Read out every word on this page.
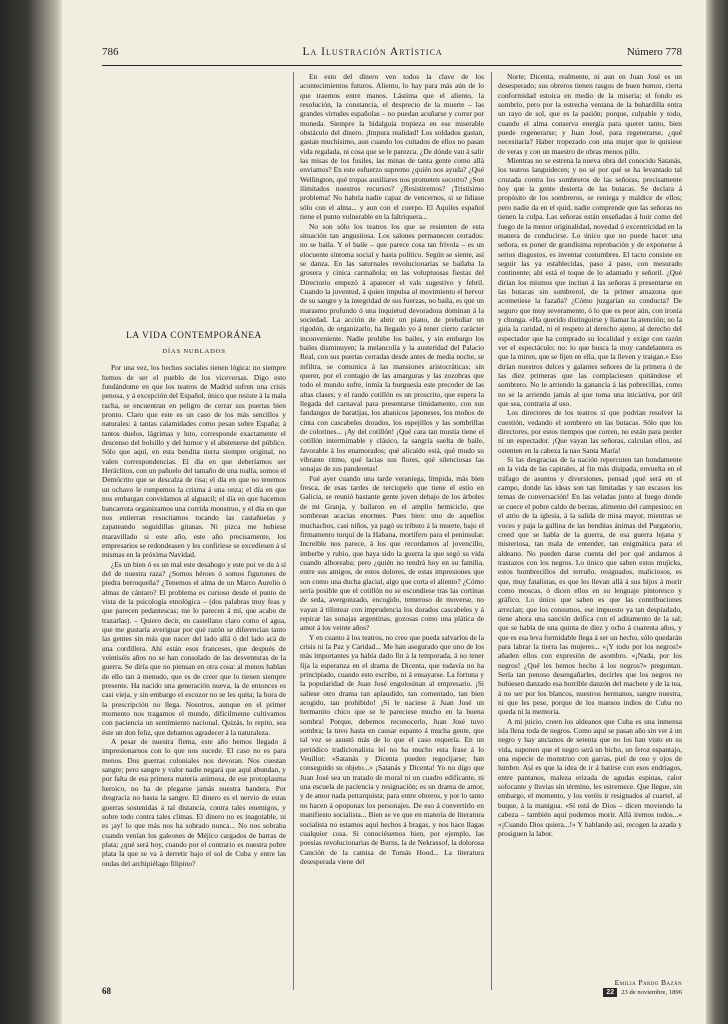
786	La Ilustración Artística	Número 778
LA VIDA CONTEMPORÁNEA
DÍAS NUBLADOS

Por una vez, los hechos sociales tienen lógica: no siempre hemos de ser el pueblo de los viceversas. Digo esto fundándome en que los teatros de Madrid sufren una crisis penosa, y á excepción del Español, único que resiste á la mala racha, se encuentran en peligro de cerrar sus puertas bien pronto. Claro que este es un caso de los más sencillos y naturales: á tantas calamidades como pesan sobre España; á tantos duelos, lágrimas y luto, corresponde exactamente el descenso del bolsillo y del humor y el abstenerse del público. Sólo que aquí, en esta bendita tierra siempre original, no valen correspondencias. El día en que deberíamos ser Heráclitos, con un pañuelo del tamaño de una toalla, somos el Demócrito que se descalza de risa; el día en que no tenemos un ochavo le rompemos la crisma á una onza; el día en que nos embargan convidamos al alguacil; el día en que hacemos bancarrota organizamos una corrida monstruo, y el día en que nos entierran resucitamos tocando las castañuelas y zapateando seguidillas gitanas. Ni pizca me hubiese maravillado si este año, este año precisamente, los empresarios se redondeasen y les confiriese se excediesen á sí mismas en la próxima Navidad.

¿Es un bien ó es un mal este desahogo y este poi ve du á sí del de nuestra raza? ¿Somos héroes ó somos figurones de piedra berroqueña? ¿Tenemos el alma de un Marco Aurelio ó almas de cántaro? El problema es curioso desde el punto de vista de la psicología etnológica – (dos palabras muy feas y que parecen pedantescas; me lo parecen á mí, que acabo de trazarlas). – Quiero decir, en castellano claro como el agua, que me gustaría averiguar por qué razón se diferencian tanto las gentes sin más que nacer del lado allá ó del lado acá de una cordillera. Ahí están esos franceses, que después de veintiséis años no se han consolado de las desventuras de la guerra. Se diría que no piensan en otra cosa: al menos hablan de ello tan á menudo, que es de creer que lo tienen siempre presente. Ha nacido una generación nueva, la de entonces es casi vieja, y sin embargo el escozor no se les quita; la hora de la prescripción no llega. Nosotros, aunque en el primer momento nos tragamos el mundo, difícilmente cultivamos con paciencia un sentimiento nacional. Quizás, lo repito, sea éste un don feliz, que debamos agradecer á la naturaleza.

A pesar de nuestra flema, este año hemos llegado á impresionarnos con lo que nos sucede. El caso no es para menos. Dos guerras coloniales nos devoran. Nos cuestan sangre; pero sangre y valor nadie negará que aquí abundan, y por falta de esa primera materia animosa, de ese protoplasma heroico, no ha de plegarse jamás nuestra bandera. Por desgracia no basta la sangre. El dinero es el nervio de estas guerras sostenidas á tal distancia, contra tales enemigos, y sobre todo contra tales climas. El dinero no es inagotable, ni es ¡ay! lo que más nos ha sobrado nunca... No nos sobraba cuando venían los galeones de Méjico cargados de barras de plata; ¿qué será hoy, cuando por el contrario es nuestra pobre plata la que se va á derretir bajo el sol de Cuba y entre las ondas del archipiélago filipino?

En esto del dinero ven todos la clave de los acontecimientos futuros. Aliento, lo hay para más aún de lo que traemos entre manos. Lástima que el aliento, la resolución, la constancia, el desprecio de la muerte – las grandes virtudes españolas – no puedan acuñarse y correr por moneda. Siempre la hidalguía tropieza en ese miserable obstáculo del dinero. ¡Impura realidad! Los soldados gastan, gastan muchísimo, aun cuando los cuitados de ellos no pasan vida regalada, ni cosa que se le parezca. ¿De dónde van á salir las misas de los fusiles, las minas de tanta gente como allá enviamos? En este esfuerzo supremo ¿quién nos ayuda? ¿Qué Wellington, qué tropas auxiliares nos prometen socorro? ¿Son ilimitados nuestros recursos? ¿Resistiremos? ¡Tristísimo problema! No habría nadie capaz de vencernos, si se lidiase sólo con el alma... y aun con el cuerpo. El Aquiles español tiene el punto vulnerable en la faltriquera...

No son sólo los teatros los que se resienten de esta situación tan angustiosa. Los salones permanecen cerrados: no se baila. Y el baile – que parece cosa tan frívola – es un elocuente síntoma social y hasta político. Según se siente, así se danza. En las saturnales revolucionarias se bailaba la grosera y cínica carmañola; en las voluptuosas fiestas del Directorio empezó á aparecer el vals sugestivo y febril. Cuando la juventud, á quien impulsa al movimiento el hervor de su sangre y la integridad de sus fuerzas, no baila, es que un marasmo profundo ó una inquietud devoradora dominan á la sociedad. La acción de abrir un piano, de preludiar un rigodón, de organizarlo, ha llegado yo á tener cierto carácter inconveniente. Nadie prohibe los bailes, y sin embargo los bailes disminuyen; la melancolía y la austeridad del Palacio Real, con sus puertas cerradas desde antes de media noche, se infiltra, se comunica á las mansiones aristocráticas; sin querer, por el contagio de las amarguras y las zozobras que todo el mundo sufre, inmía la burguesía este precoder de las altas clases; y el raudo cotillón es un proscrito, que espera la llegada del carnaval para presentarse tímidamente, con sus fandangos de baratijas, los abanicos japoneses, los moños de cinta con cascabeles dorados, los espejillos y las sombrillas de colorines... ¡Ay del cotillón! ¡Qué cara tan mustia tiene el cotillón intermímable y clásico, la sangría suelta de baile, favorable á los enamorados; qué alicaído está, qué mudo su vibrante ritmo, qué lacias sus flores, qué silenciosas las sonajas de sus panderetas!

Fué ayer cuando una tarde veraniega, límpida, más bien fresca, de esas tardes de terciopelo que tiene el estío en Galicia, se reunió bastante gente joven debajo de los árboles de mi Granja, y bailaron en el amplio hemiciclo, que sombrean acacias enormes. Pues bien: uno de aquellos muchachos, casi niños, ya pagó su tributo á la muerte, bajo el firmamento turquí de la Habana, mortífero para el peninsular. Increíble nos parece, á los que recordamos al jovencillo, imberbe y rubio, que haya sido la guerra la que segó su vida cuando alboreaba; pero ¿quién no tendrá hoy en su familia, entre sus amigos, de estos dolores, de estas impresiones que son como una ducha glacial, algo que corta el aliento? ¿Cómo sería posible que el cotillón no se escondiese tras las cortinas de seda, avergonzado, encogido, temeroso de moverse, no vayan á tilintear con imprudencia los dorados cascabeles y á repicar las sonajas argentinas, gozosas como una plática de amor á los veinte años?

Y en cuanto á los teatros, no creo que pueda salvarlos de la crisis ni la Paz y Caridad... Me han asegurado que uno de los más importantes ya había dado fin á la temporada, á no tener fija la esperanza en el drama de Dicenta, que todavía no ha principiado, cuando esto escribo, ni á ensayarse. La fortuna y la popularidad de Juan José engolosinan al empresario. ¡Si saliese otro drama tan aplaudido, tan comentado, tan bien acogido, tan prohibido! ¡Si le naciese á Juan José un hermanito chico que se le pareciese mucho en la buena sombra! Porque, debemos reconocerlo, Juan José tuvo sombra; la tuvo hasta en causar espanto á mucha gente, que tal vez se asustó más de lo que el caso requería. En un periódico tradicionalista leí no ha mucho esta frase á lo Veuillot: «Satanás y Dicenta pueden regocijarse; han conseguido su objeto...» ¡Satanás y Dicenta! Yo no digo que Juan José sea un tratado de moral ni un cuadro edificante, ni una escuela de paciencia y resignación; es un drama de amor, y de amor nada petrarquista; para entre obreros, y por lo tanto no hacen á opoponax los personajes. De eso á convertirlo en manifiesto socialista... Bien se ve que en materia de literatura socialista no estamos aquí hechos á bragas, y nos hace llagas cualquier cosa. Si conociésemos bien, por ejemplo, las poesías revolucionarias de Burns, la de Nekrassof, la dolorosa Canción de la camisa de Tomás Hood... La literatura desesperada viene del

Norte; Dicenta, realmente, ni aun en Juan José es un desesperado; sus obreros tienen rasgos de buen humor, cierta conformidad estoica en medio de la miseria; el fondo es sombrío, pero por la estrecha ventana de la buhardilla entra un rayo de sol, que es la pasión; porque, culpable y todo, cuando el alma conserva energía para querer tanto, bien puede regenerarse; y Juan José, para regenerarse, ¿qué necesitaría? Haber tropezado con una mujer que le quisiese de veras y con un maestro de obras menos pillo.

Mientras no se estrena la nueva obra del conocido Satanás, los teatros languidecen; y no sé por qué se ha levantado tal cruzada contra los sombreros de las señoras, precisamente hoy que la gente desierta de las butacas. Se declara á propósito de los sombreros, se reniega y maldice de ellos; pero nadie da en el quid, nadie comprende que las señoras no tienen la culpa. Las señoras están enseñadas á huir como del fuego de la menor originalidad, novedad ó excentricidad en la manera de conducirse. Lo único que no puede hacer una señora, es poner de grandísima reprobación y de exponerse á serios disgustos, es inventar costumbres. El tacto consiste en seguir las ya establecidas, paso á paso, con mesurado continente; ahí está el toque de lo adamado y señoril. ¿Qué dirían los mismos que incitan á las señoras á presentarse en las butacas sin sombrerol, de la primer amazona que acometiese la fazaña? ¿Cómo juzgarían su conducta? De seguro que muy severamente, ó lo que es peor aún, con ironía y chunga. «Ha querido distinguirse y llamar la atención; no la guía la caridad, ni el respeto al derecho ajeno, al derecho del espectador que ha comprado su localidad y exige con razón ver el espectáculo; no: lo que busca la muy candelantera es que la miren, que se fijen en ella, que la lleven y traigan.» Eso dirían nuestros dulces y galantes señores de la primera ó de las diez primeras que las complaciesen quitándose el sombrero. No le arriendo la ganancia á las pobrecillas, como no se la arriendo jamás al que toma una iniciativa, por útil que sea, contraria al uso.

Los directores de los teatros sí que podrían resolver la cuestión, vedando el sombrero en las butacas. Sólo que los directores, por estos tiempos que corren, no están para perder ni un espectador. ¡Que vayan las señoras, calculan ellos, así ostenten en la cabeza la nao Santa María!

Si las desgracias de la nación repercuten tan hondamente en la vida de las capitales, al fin más disipada, envuelta en el tráfago de asuntos y diversiones, pensad ¡qué será en el campo, donde las ideas son tan limitadas y tan escasos los temas de conversación! En las veladas junto al fuego donde se cuece el pobre caldo de berzas, alimento del campesino; en el atrio de la iglesia, á la salida de misa mayor, mientras se voces y paja la gallina de las benditas ánimas del Purgatorio, creed que se habla de la guerra, de esa guerra lejana y misteriosa, tan mala de entender, tan enigmática para el aldeano. No pueden darse cuenta del por qué andamos á trastazos con los negros. Lo único que saben estos mujicks, estos hombrecillos del terruño, resignados, maliciosos, es que, muy fatalistas, es que les llevan allá á sus hijos á morir como moscas, ó dicen ellos en su lenguaje pintoresco y gráfico. Lo único que saben es que las contribuciones arrecian; que los consumos, ese impuesto ya tan despiadado, tiene ahora una sanción deífica con el aditamento de la sal; que se habla de una quinta de diez y ocho á cuarenta años, y que es esa leva formidable llega á ser un hecho, sólo quedarán para labrar la tierra las mujeres... «¡Y todo por los negros!» añaden ellos con expresión de asombro. «¡Nada, por los negros! ¿Qué les hemos hecho á los negros?» preguntan. Sería tan penoso desengañarles, decirles que los negros no hubiesen danzado esa horrible danzón del machete y de la tea, á no ser por los blancos, nuestros hermanos, sangre nuestra, ni que les pese, porque de los mansos indios de Cuba no queda ni la memoria.

A mi juicio, creen los aldeanos que Cuba es una inmensa isla llena toda de negros. Como aquí se pasan año sin ver á un negro y hay ancianos de setenta que no los han visto en su vida, suponen que el negro será un bicho, un feroz espantajo, una especie de monstruo con garras, piel de oso y ojos de lumbre. Así es que la idea de ir á batirse con esos endriagos, entre pantanos, maleza erizada de agudas espinas, calor sofocante y lluvias sin término, les estremece. Que llegue, sin embargo, el momento, y los veréis ir resignados al cuartel, al buque, á la manigua. «Si está de Dios – dicen moviendo la cabeza – también aquí podemos morir. Allá iremos todos...» «¡Cuando Dios quiera...!» Y hablando así, recogen la azada y prosiguen la labor.

Emilia Pardo Bazán
68	22	23 de noviembre, 1896
